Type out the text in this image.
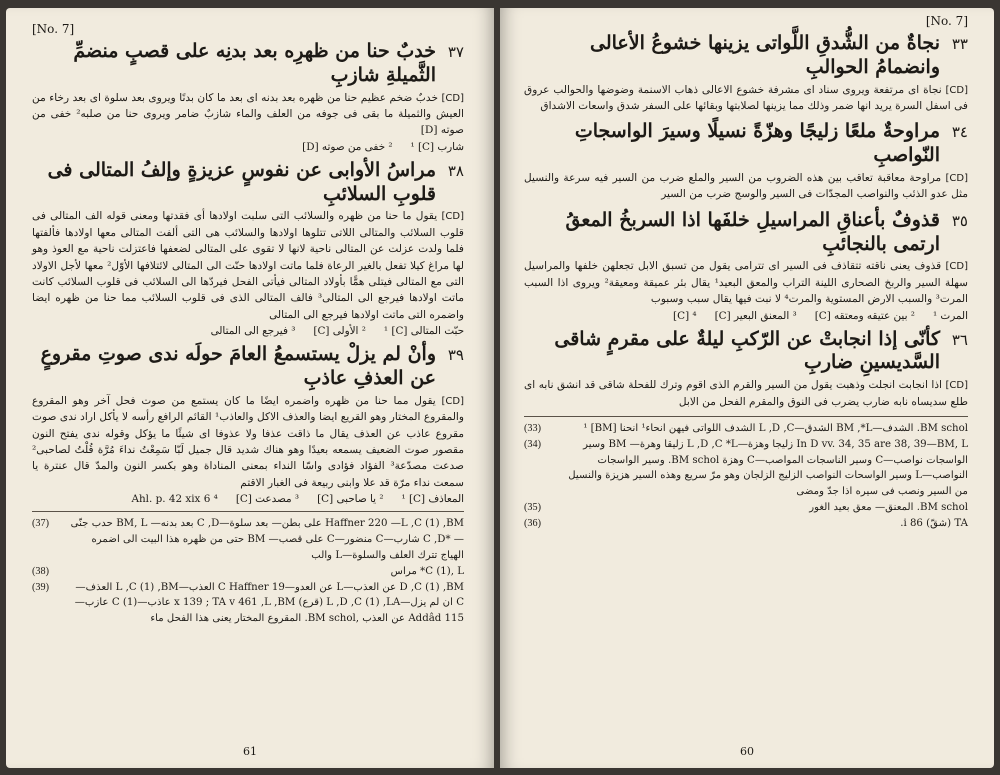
[No. 7]
٣٧
خدبٌ حنا من ظهرِه بعد بدنِه على قصبٍ منضمِّ الثَّميلةِ شازبِ
[CD] خدبٌ ضخم عظيم حنا من ظهره بعد بدنه اى بعد ما كان بدنًا ويروى بعد سلوة اى بعد رخاء من العيش والثميلة ما بقى فى جوفه من العلف والماء شازبٌ ضامر ويروى حنا من صلبه² خفى من صوته [D]
شارب [C] ¹
² خفى من صوته [D]
٣٨
مراسُ الأوابى عن نفوسٍ عزيزةٍ وإلفُ المتالى فى قلوبِ السلائبِ
[CD] يقول ما حنا من ظهره والسلائب التى سلبت اولادها أى فقدتها ومعنى قوله الف المتالى فى قلوب السلائب والمتالى اللاتى تتلوها اولادها والسلائب هى التى ألفت المتالى معها اولادها فألفتها فلما ولدت عزلت عن المتالى ناحية لانها لا تقوى على المتالى لضعفها فاعتزلت ناحية مع العوذ وهو لها مراغ كيلا تفعل بالغير الرعاة فلما ماتت اولادها حنّت الى المتالى لائتلافها الأوّل² معها لأجل الاولاد التى مع المتالى فيتلى همًّا بأولاد المتالى فيأتى الفحل فيردّها الى السلائب فى قلوب السلائب كانت ماتت اولادها فيرجع الى المتالى³ فالف المتالى الذى فى قلوب السلائب مما حنا من ظهره ايضا واضمره التى ماتت اولادها فيرجع الى المتالى
حبّت المتالى [C] ¹
² الأولى [C]
³ فيرجع الى المتالى
٣٩
وأنْ لم يزلْ يستسمعُ العامَ حولَه ندى صوتِ مقروعٍ عن العذفِ عاذبِ
[CD] يقول مما حنا من ظهره واضمره ايضًا ما كان يستمع من صوت فحل آخر وهو المقروع والمقروع المختار وهو القريع ايضا والعذف الاكل والعاذب¹ القائم الرافع رأسه لا يأكل اراد ندى صوت مقروع عاذب عن العذف يقال ما ذاقت عذفا ولا عذوفا اى شيئًا ما يؤكل وقوله ندى يفتح النون مقصور صوت الضعيف يسمعه بعيدًا وهو هناك شديد قال جميل لَبّا سَمِعْتُ نداءَ مُرَّة قُلْتُ لصاحبى² صدعت مصدّعة³ الفؤاد فؤادى واسّا النداء بمعنى المناداة وهو بكسر النون والمدّ قال عنترة يا سمعت نداء مرّة قد علا وابنى ربيعة فى الغبار الاقتم
المعاذف [C] ¹
² يا صاحبى [C]
³ مصدعت [C]
⁴ Ahl. p. 42 xix 6
(37)	Haffner 220 —L ,C (1) ,BM على بطن— بعد سلوة—C ,D بعد بدنه— BM, L حدب جنّى— *C ,D شارب—C منضور—C على قصب— BM حتى من ظهره هذا البيت الى اضمره الهياج تترك العلف والسلوة—L والب
(38)	C (1), L* مراس
(39)	D ,C (1) ,BM عن العذب—L عن العدو—C Haffner 19 العذب—L ,C (1) ,BM العذف—C ان لم يزل—L ,D ,C (1) ,LA (قرع) x 139 ; TA v 461 ,L ,BM عاذب—C (1) عازب—Addâd 115 عن العذب ,BM schol. المقروع المختار يعنى هذا الفحل ماء
61
[No. 7]
٣٣
نجاةٌ من الشُّدقِ اللَّواتى يزينها خشوعُ الأعالى وانضمامُ الحوالبِ
[CD] نجاة اى مرتفعة ويروى سناد اى مشرفة خشوع الاعالى ذهاب الاسنمة وضوضها والحوالب عروق فى اسفل السرة يريد انها ضمر وذلك مما يزينها لصلابتها وبقائها على السفر شدق واسعات الاشداق
٣٤
مراوحةٌ ملعًا زليجًا وهزّةً نسيلًا وسيرَ الواسجاتِ النّواصبِ
[CD] مراوحة معاقبة تعاقب بين هذه الضروب من السير والملع ضرب من السير فيه سرعة والنسيل مثل عدو الذئب والنواصب المجدّات فى السير والوسج ضرب من السير
٣٥
قذوفٌ بأعناقِ المراسيلِ خلفَها اذا السربخُ المعقُ ارتمى بالنجائبِ
[CD] قذوف يعنى ناقته تتقاذف فى السير اى تترامى يقول من تسبق الابل تجعلهن خلفها والمراسيل سهلة السير والربخ الصحارى اللينة التراب والمعق البعيد¹ يقال بئر عميقة ومعيقة² ويروى اذا السبب المرت³ والسبب الارض المستوية والمرت⁴ لا نبت فيها يقال سبب وسبوب
المرت ¹
² بين عتيقه ومعتقه [C]
³ المعنق البعير [C]
⁴ [C]
٣٦
كأنّى إذا انجابتْ عن الرّكبِ ليلةٌ على مقرمٍ شاقى السَّديسينِ ضاربِ
[CD] اذا انجابت انجلت وذهبت يقول من السير والقرم الذى اقوم وترك للفحلة شاقى قد انشق نابه اى طلع سديساه نابه ضارب يضرب فى النوق والمقرم الفحل من الابل
(33)	BM schol. الشدف—BM ,*L الشدق—L ,D ,C الشدف اللواتى فيهن انحاء¹ انحنا [BM] ¹
(34)	In D vv. 34, 35 are 38, 39—BM, L زليجا وهزة—L ,D ,C *L زليقا وهرة— BM وسير الواسجات نواصب—C وسير الناسجات المواصب—C وهزة BM schol. وسير الواسجات النواصب—L وسير الواسحات النواصب الزليج الزلجان وهو مرّ سريع وهذه السير هزيزة والنسيل من السير ونصب فى سيره اذا جدّ ومضى
(35)	BM schol. المعنق— معق بعيد الغور
(36)	TA (شقّ) i 86.
60
